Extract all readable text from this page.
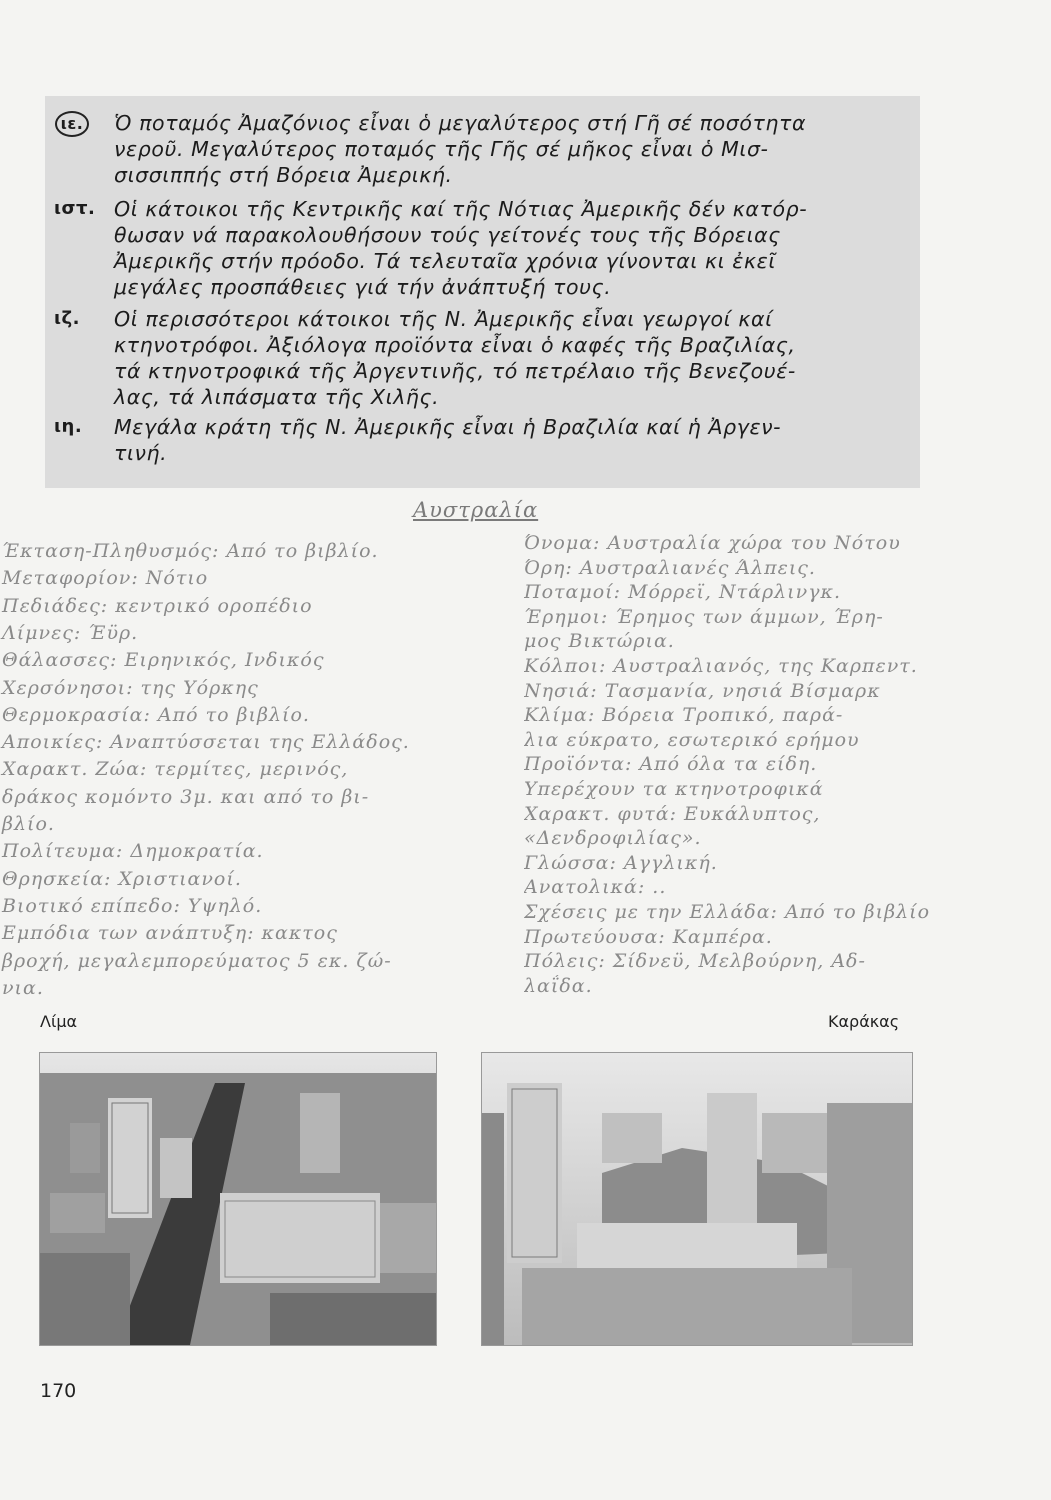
ιε.	Ὁ ποταμός Ἀμαζόνιος εἶναι ὁ μεγαλύτερος στή Γῆ σέ ποσότητα
νεροῦ. Μεγαλύτερος ποταμός τῆς Γῆς σέ μῆκος εἶναι ὁ Μισ-
σισσιππής στή Βόρεια Ἀμερική.

ιστ. Οἱ κάτοικοι τῆς Κεντρικῆς καί τῆς Νότιας Ἀμερικῆς δέν κατόρ-
θωσαν νά παρακολουθήσουν τούς γείτονές τους τῆς Βόρειας
Ἀμερικῆς στήν πρόοδο. Τά τελευταῖα χρόνια γίνονται κι ἐκεῖ
μεγάλες προσπάθειες γιά τήν ἀνάπτυξή τους.

ιζ.	Οἱ περισσότεροι κάτοικοι τῆς Ν. Ἀμερικῆς εἶναι γεωργοί καί
κτηνοτρόφοι. Ἀξιόλογα προϊόντα εἶναι ὁ καφές τῆς Βραζιλίας,
τά κτηνοτροφικά τῆς Ἀργεντινῆς, τό πετρέλαιο τῆς Βενεζουέ-
λας, τά λιπάσματα τῆς Χιλῆς.

ιη.	Μεγάλα κράτη τῆς Ν. Ἀμερικῆς εἶναι ἡ Βραζιλία καί ἡ Ἀργεν-
τινή.

Αυστραλία
Έκταση-Πληθυσμός: Από το βιβλίο.
Μεταφορίον: Νότιο
Πεδιάδες: κεντρικό οροπέδιο
Λίμνες: Έϋρ.
Θάλασσες: Ειρηνικός, Ινδικός
Χερσόνησοι: της Υόρκης
Θερμοκρασία: Από το βιβλίο.
Αποικίες: Αναπτύσσεται της Ελλάδος.
Χαρακτ. Ζώα: τερμίτες, μερινός,
δράκος κομόντο 3μ. και από το βι-
βλίο.
Πολίτευμα: Δημοκρατία.
Θρησκεία: Χριστιανοί.
Βιοτικό επίπεδο: Υψηλό.
Εμπόδια των ανάπτυξη: κακτος
βροχή, μεγαλεμπορεύματος 5 εκ. ζώ-
νια.
Όνομα: Αυστραλία χώρα του Νότου
Όρη: Αυστραλιανές Άλπεις.
Ποταμοί: Μόρρεϊ, Ντάρλινγκ.
Έρημοι: Έρημος των άμμων, Έρη-
μος Βικτώρια.
Κόλποι: Αυστραλιανός, της Καρπεντ.
Νησιά: Τασμανία, νησιά Βίσμαρκ
Κλίμα: Βόρεια Τροπικό, παρά-
λια εύκρατο, εσωτερικό ερήμου
Προϊόντα: Από όλα τα είδη.
Υπερέχουν τα κτηνοτροφικά
Χαρακτ. φυτά: Ευκάλυπτος,
«Δενδροφιλίας».
Γλώσσα: Αγγλική.
Ανατολικά: ..
Σχέσεις με την Ελλάδα: Από το βιβλίο
Πρωτεύουσα: Καμπέρα.
Πόλεις: Σίδνεϋ, Μελβούρνη, Αδ-
λαΐδα.
Λίμα	Καράκας
170
